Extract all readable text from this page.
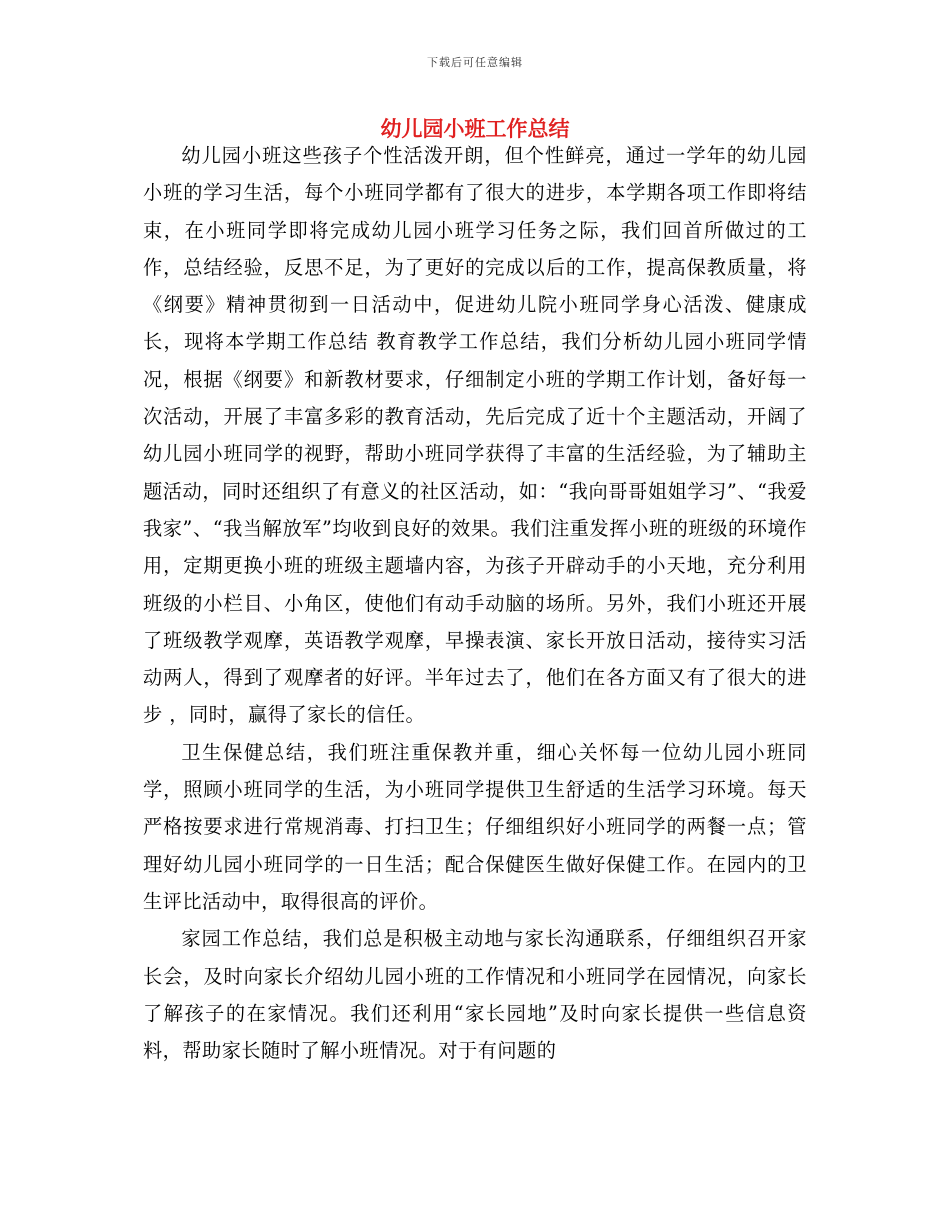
下载后可任意编辑
幼儿园小班工作总结

幼儿园小班这些孩子个性活泼开朗，但个性鲜亮，通过一学年的幼儿园小班的学习生活，每个小班同学都有了很大的进步，本学期各项工作即将结束，在小班同学即将完成幼儿园小班学习任务之际，我们回首所做过的工作，总结经验，反思不足，为了更好的完成以后的工作，提高保教质量，将《纲要》精神贯彻到一日活动中，促进幼儿院小班同学身心活泼、健康成长，现将本学期工作总结 教育教学工作总结，我们分析幼儿园小班同学情况，根据《纲要》和新教材要求，仔细制定小班的学期工作计划，备好每一次活动，开展了丰富多彩的教育活动，先后完成了近十个主题活动，开阔了幼儿园小班同学的视野，帮助小班同学获得了丰富的生活经验，为了辅助主题活动，同时还组织了有意义的社区活动，如：“我向哥哥姐姐学习”、“我爱我家”、“我当解放军”均收到良好的效果。我们注重发挥小班的班级的环境作用，定期更换小班的班级主题墙内容，为孩子开辟动手的小天地，充分利用班级的小栏目、小角区，使他们有动手动脑的场所。另外，我们小班还开展了班级教学观摩，英语教学观摩，早操表演、家长开放日活动，接待实习活动两人，得到了观摩者的好评。半年过去了，他们在各方面又有了很大的进步 ，同时，赢得了家长的信任。

卫生保健总结，我们班注重保教并重，细心关怀每一位幼儿园小班同学，照顾小班同学的生活，为小班同学提供卫生舒适的生活学习环境。每天严格按要求进行常规消毒、打扫卫生；仔细组织好小班同学的两餐一点；管理好幼儿园小班同学的一日生活；配合保健医生做好保健工作。在园内的卫生评比活动中，取得很高的评价。

家园工作总结，我们总是积极主动地与家长沟通联系，仔细组织召开家长会，及时向家长介绍幼儿园小班的工作情况和小班同学在园情况，向家长了解孩子的在家情况。我们还利用“家长园地”及时向家长提供一些信息资料，帮助家长随时了解小班情况。对于有问题的
